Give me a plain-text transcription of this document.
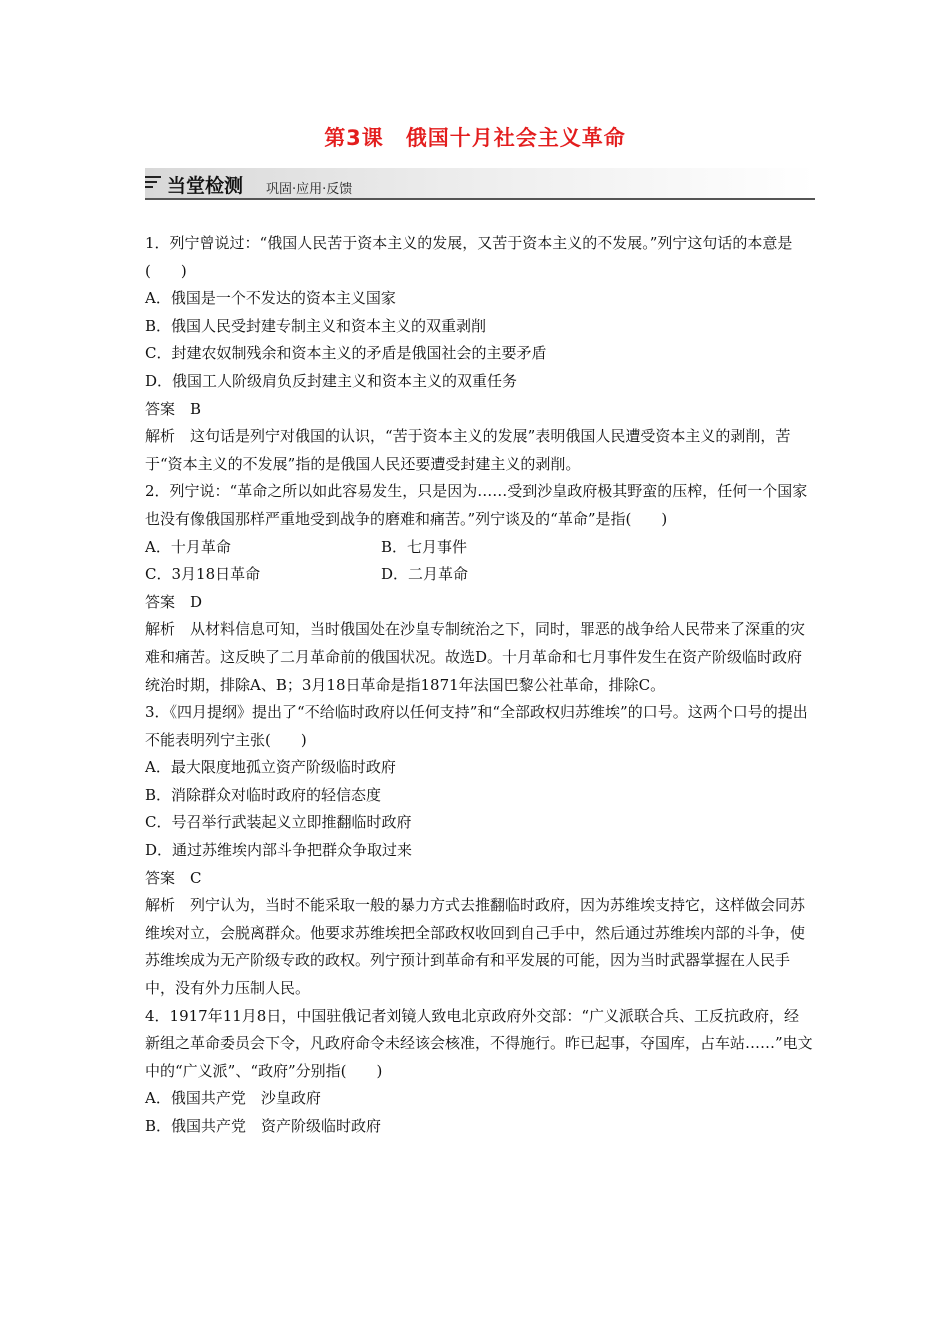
第3课　俄国十月社会主义革命
当堂检测 巩固·应用·反馈

1．列宁曾说过：“俄国人民苦于资本主义的发展，又苦于资本主义的不发展。”列宁这句话的本意是(　　)

A．俄国是一个不发达的资本主义国家

B．俄国人民受封建专制主义和资本主义的双重剥削

C．封建农奴制残余和资本主义的矛盾是俄国社会的主要矛盾

D．俄国工人阶级肩负反封建主义和资本主义的双重任务

答案　B

解析　这句话是列宁对俄国的认识，“苦于资本主义的发展”表明俄国人民遭受资本主义的剥削，苦于“资本主义的不发展”指的是俄国人民还要遭受封建主义的剥削。

2．列宁说：“革命之所以如此容易发生，只是因为……受到沙皇政府极其野蛮的压榨，任何一个国家也没有像俄国那样严重地受到战争的磨难和痛苦。”列宁谈及的“革命”是指(　　)

A．十月革命	B．七月事件
C．3月18日革命	D．二月革命

答案　D

解析　从材料信息可知，当时俄国处在沙皇专制统治之下，同时，罪恶的战争给人民带来了深重的灾难和痛苦。这反映了二月革命前的俄国状况。故选D。十月革命和七月事件发生在资产阶级临时政府统治时期，排除A、B；3月18日革命是指1871年法国巴黎公社革命，排除C。

3．《四月提纲》提出了“不给临时政府以任何支持”和“全部政权归苏维埃”的口号。这两个口号的提出不能表明列宁主张(　　)

A．最大限度地孤立资产阶级临时政府

B．消除群众对临时政府的轻信态度

C．号召举行武装起义立即推翻临时政府

D．通过苏维埃内部斗争把群众争取过来

答案　C

解析　列宁认为，当时不能采取一般的暴力方式去推翻临时政府，因为苏维埃支持它，这样做会同苏维埃对立，会脱离群众。他要求苏维埃把全部政权收回到自己手中，然后通过苏维埃内部的斗争，使苏维埃成为无产阶级专政的政权。列宁预计到革命有和平发展的可能，因为当时武器掌握在人民手中，没有外力压制人民。

4．1917年11月8日，中国驻俄记者刘镜人致电北京政府外交部：“广义派联合兵、工反抗政府，经新组之革命委员会下令，凡政府命令未经该会核准，不得施行。昨已起事，夺国库，占车站……”电文中的“广义派”、“政府”分别指(　　)

A．俄国共产党　沙皇政府

B．俄国共产党　资产阶级临时政府
